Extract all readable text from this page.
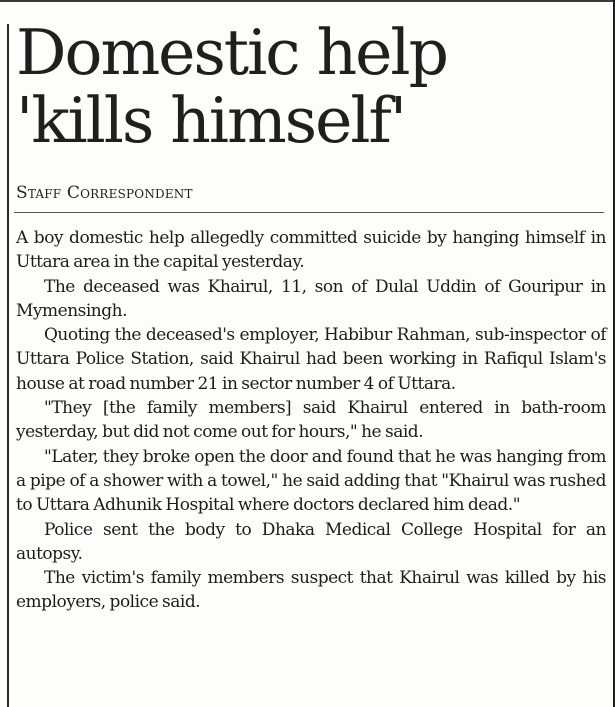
Domestic help
'kills himself'
Staff Correspondent

A boy domestic help allegedly committed suicide by hanging himself in Uttara area in the capital yesterday.

The deceased was Khairul, 11, son of Dulal Uddin of Gouripur in Mymensingh.

Quoting the deceased's employer, Habibur Rahman, sub-inspector of Uttara Police Station, said Khairul had been working in Rafiqul Islam's house at road number 21 in sector number 4 of Uttara.

"They [the family members] said Khairul entered in bath-room yesterday, but did not come out for hours," he said.

"Later, they broke open the door and found that he was hanging from a pipe of a shower with a towel," he said adding that "Khairul was rushed to Uttara Adhunik Hospital where doctors declared him dead."

Police sent the body to Dhaka Medical College Hospital for an autopsy.

The victim's family members suspect that Khairul was killed by his employers, police said.
